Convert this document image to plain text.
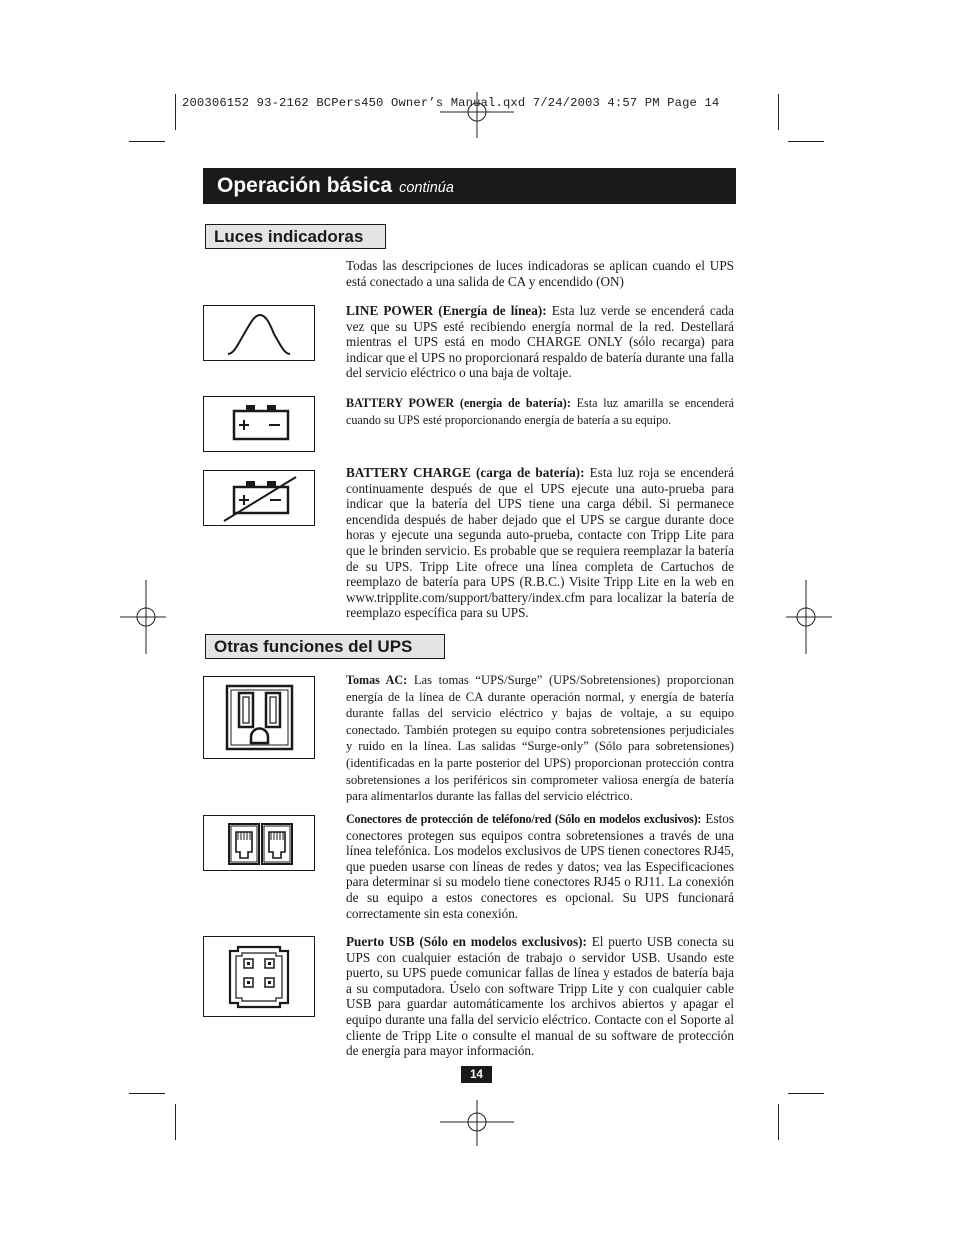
200306152 93-2162 BCPers450 Owner’s Manual.qxd 7/24/2003 4:57 PM Page 14
Operación básica continúa
Luces indicadoras
Todas las descripciones de luces indicadoras se aplican cuando el UPS está conectado a una salida de CA y encendido (ON)
LINE POWER (Energía de línea): Esta luz verde se encenderá cada vez que su UPS esté recibiendo energía normal de la red. Destellará mientras el UPS está en modo CHARGE ONLY (sólo recarga) para indicar que el UPS no proporcionará respaldo de batería durante una falla del servicio eléctrico o una baja de voltaje.
BATTERY POWER (energía de batería): Esta luz amarilla se encenderá cuando su UPS esté proporcionando energía de batería a su equipo.
BATTERY CHARGE (carga de batería): Esta luz roja se encenderá continuamente después de que el UPS ejecute una auto-prueba para indicar que la batería del UPS tiene una carga débil. Si permanece encendida después de haber dejado que el UPS se cargue durante doce horas y ejecute una segunda auto-prueba, contacte con Tripp Lite para que le brinden servicio. Es probable que se requiera reemplazar la batería de su UPS. Tripp Lite ofrece una línea completa de Cartuchos de reemplazo de batería para UPS (R.B.C.) Visite Tripp Lite en la web en www.tripplite.com/support/battery/index.cfm para localizar la batería de reemplazo específica para su UPS.
Otras funciones del UPS
Tomas AC: Las tomas “UPS/Surge” (UPS/Sobretensiones) proporcionan energía de la línea de CA durante operación normal, y energía de batería durante fallas del servicio eléctrico y bajas de voltaje, a su equipo conectado. También protegen su equipo contra sobretensiones perjudiciales y ruido en la línea. Las salidas “Surge-only” (Sólo para sobretensiones) (identificadas en la parte posterior del UPS) proporcionan protección contra sobretensiones a los periféricos sin comprometer valiosa energía de batería para alimentarlos durante las fallas del servicio eléctrico.
Conectores de protección de teléfono/red (Sólo en modelos exclusivos): Estos conectores protegen sus equipos contra sobretensiones a través de una línea telefónica. Los modelos exclusivos de UPS tienen conectores RJ45, que pueden usarse con líneas de redes y datos; vea las Especificaciones para determinar si su modelo tiene conectores RJ45 o RJ11. La conexión de su equipo a estos conectores es opcional. Su UPS funcionará correctamente sin esta conexión.
Puerto USB (Sólo en modelos exclusivos): El puerto USB conecta su UPS con cualquier estación de trabajo o servidor USB. Usando este puerto, su UPS puede comunicar fallas de línea y estados de batería baja a su computadora. Úselo con software Tripp Lite y con cualquier cable USB para guardar automáticamente los archivos abiertos y apagar el equipo durante una falla del servicio eléctrico. Contacte con el Soporte al cliente de Tripp Lite o consulte el manual de su software de protección de energía para mayor información.
14
